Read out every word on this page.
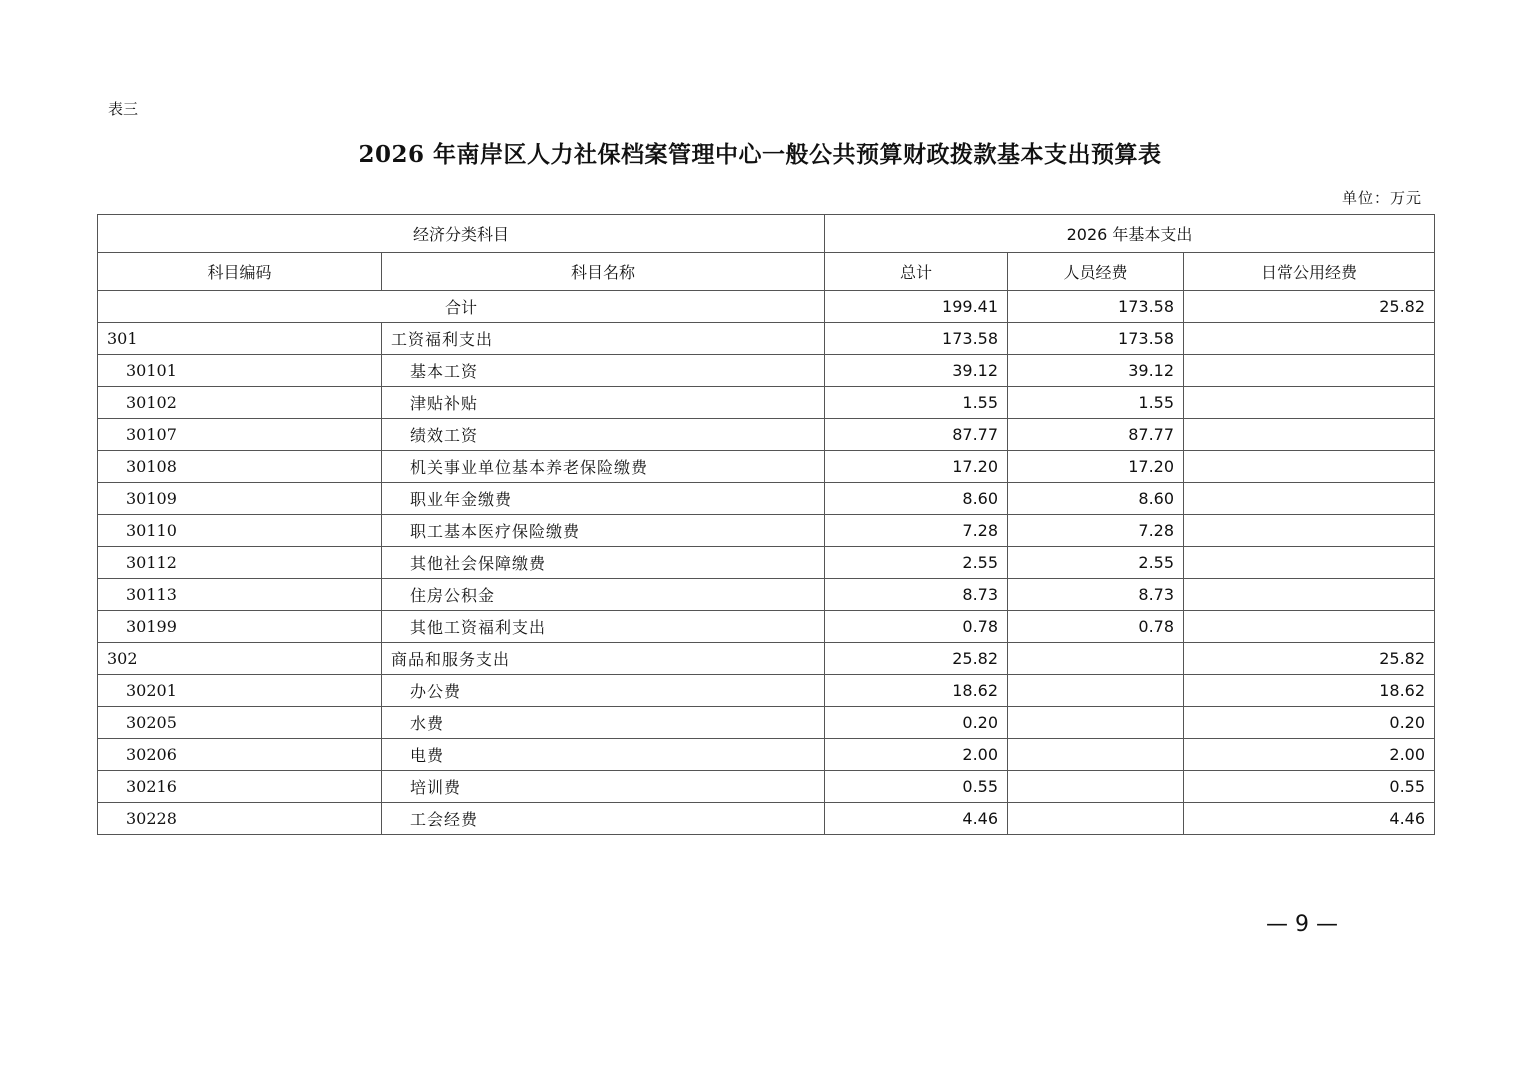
表三
2026 年南岸区人力社保档案管理中心一般公共预算财政拨款基本支出预算表
单位：万元
经济分类科目		2026 年基本支出		
科目编码	科目名称	总计	人员经费	日常公用经费
合计		199.41	173.58	25.82
301	工资福利支出	173.58	173.58	
30101	基本工资	39.12	39.12	
30102	津贴补贴	1.55	1.55	
30107	绩效工资	87.77	87.77	
30108	机关事业单位基本养老保险缴费	17.20	17.20	
30109	职业年金缴费	8.60	8.60	
30110	职工基本医疗保险缴费	7.28	7.28	
30112	其他社会保障缴费	2.55	2.55	
30113	住房公积金	8.73	8.73	
30199	其他工资福利支出	0.78	0.78	
302	商品和服务支出	25.82		25.82
30201	办公费	18.62		18.62
30205	水费	0.20		0.20
30206	电费	2.00		2.00
30216	培训费	0.55		0.55
30228	工会经费	4.46		4.46
— 9 —
